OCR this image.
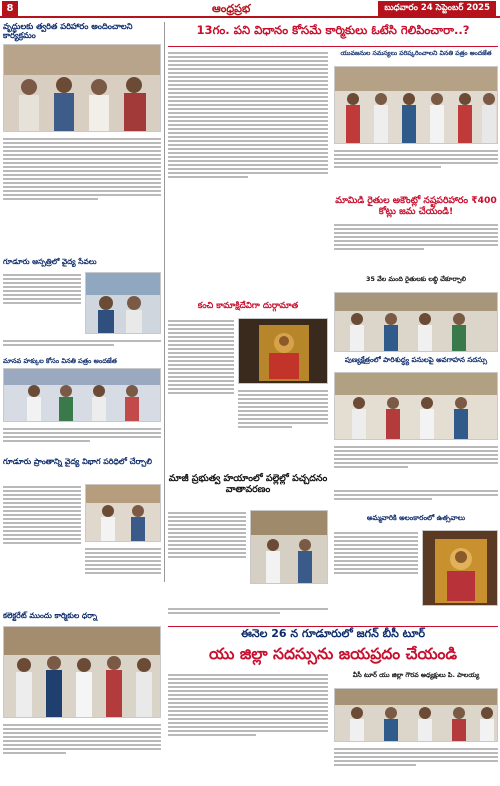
8	ఆంధ్రప్రభ	బుధవారం 24 సెప్టెంబర్ 2025
వృద్ధులకు త్వరిత పరిహారం అందించాలని కార్యక్రమం
గూడూరు ఆస్పత్రిలో వైద్య సేవలు
మానవ హక్కుల కోసం వినతి పత్రం అందజేత
గూడూరు ప్రాంతాన్ని వైద్య విభాగ పరిధిలో చేర్చాలి
కలెక్టరేట్ ముందు కార్మికుల ధర్నా
13గం. పని విధానం కోసమే కార్మికులు ఓటేసి గెలిపించారా..?
యువజనుల సమస్యలు పరిష్కరించాలని వినతి పత్రం అందజేత
మామిడి రైతుల అకౌంట్లో నష్టపరిహారం ₹400 కోట్లు జమ చేయండి!
35 వేల మంది రైతులకు లబ్ధి చేకూర్చాలి
పుణ్యక్షేత్రంలో పారిశుద్ధ్య పనులపై అవగాహన సదస్సు
కంచి కామాక్షిదేవిగా దుర్గామాత
మాజీ ప్రభుత్వ హయాంలో పల్లెల్లో పచ్చదనం వాతావరణం
అమ్మవారికి అలంకారంలో ఉత్సవాలు
ఈనెల 26 న గూడూరులో జగన్ బీసీ టూర్
యు జిల్లా సదస్సును జయప్రదం చేయండి
వీసీ టూర్ యు జిల్లా గౌరవ అధ్యక్షులు పి. పాలయ్య
